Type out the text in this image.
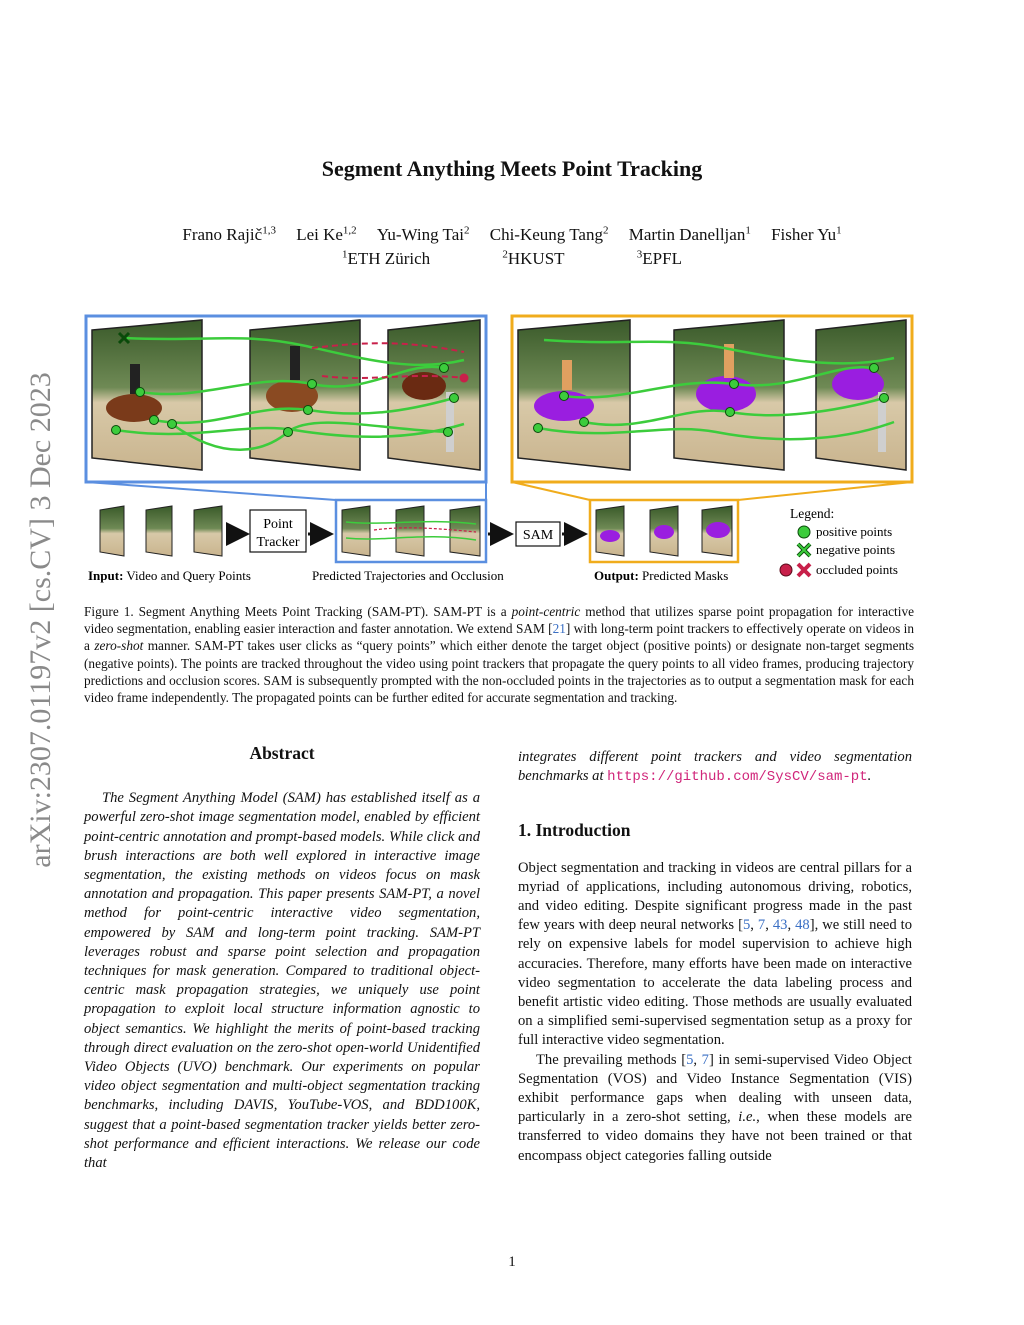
arXiv:2307.01197v2 [cs.CV] 3 Dec 2023
Segment Anything Meets Point Tracking
Frano Rajič$^{1,3}$ Lei Ke$^{1,2}$ Yu-Wing Tai$^2$ Chi-Keung Tang$^2$ Martin Danelljan$^1$ Fisher Yu$^1$
$^1$ETH Zürich	$^2$HKUST	$^3$EPFL
Point
Tracker	SAM
Legend:
positive points
negative points
occluded points
Input: Video and Query Points	Predicted Trajectories and Occlusion	Output: Predicted Masks
Figure 1. Segment Anything Meets Point Tracking (SAM-PT). SAM-PT is a point-centric method that utilizes sparse point propagation for interactive video segmentation, enabling easier interaction and faster annotation. We extend SAM [21] with long-term point trackers to effectively operate on videos in a zero-shot manner. SAM-PT takes user clicks as “query points” which either denote the target object (positive points) or designate non-target segments (negative points). The points are tracked throughout the video using point trackers that propagate the query points to all video frames, producing trajectory predictions and occlusion scores. SAM is subsequently prompted with the non-occluded points in the trajectories as to output a segmentation mask for each video frame independently. The propagated points can be further edited for accurate segmentation and tracking.
Abstract

The Segment Anything Model (SAM) has established itself as a powerful zero-shot image segmentation model, enabled by efficient point-centric annotation and prompt-based models. While click and brush interactions are both well explored in interactive image segmentation, the existing methods on videos focus on mask annotation and propagation. This paper presents SAM-PT, a novel method for point-centric interactive video segmentation, empowered by SAM and long-term point tracking. SAM-PT leverages robust and sparse point selection and propagation techniques for mask generation. Compared to traditional object-centric mask propagation strategies, we uniquely use point propagation to exploit local structure information agnostic to object semantics. We highlight the merits of point-based tracking through direct evaluation on the zero-shot open-world Unidentified Video Objects (UVO) benchmark. Our experiments on popular video object segmentation and multi-object segmentation tracking benchmarks, including DAVIS, YouTube-VOS, and BDD100K, suggest that a point-based segmentation tracker yields better zero-shot performance and efficient interactions. We release our code that

integrates different point trackers and video segmentation benchmarks at https://github.com/SysCV/sam-pt.

1. Introduction

Object segmentation and tracking in videos are central pillars for a myriad of applications, including autonomous driving, robotics, and video editing. Despite significant progress made in the past few years with deep neural networks [5, 7, 43, 48], we still need to rely on expensive labels for model supervision to achieve high accuracies. Therefore, many efforts have been made on interactive video segmentation to accelerate the data labeling process and benefit artistic video editing. Those methods are usually evaluated on a simplified semi-supervised segmentation setup as a proxy for full interactive video segmentation.

The prevailing methods [5, 7] in semi-supervised Video Object Segmentation (VOS) and Video Instance Segmentation (VIS) exhibit performance gaps when dealing with unseen data, particularly in a zero-shot setting, i.e., when these models are transferred to video domains they have not been trained or that encompass object categories falling outside

1
